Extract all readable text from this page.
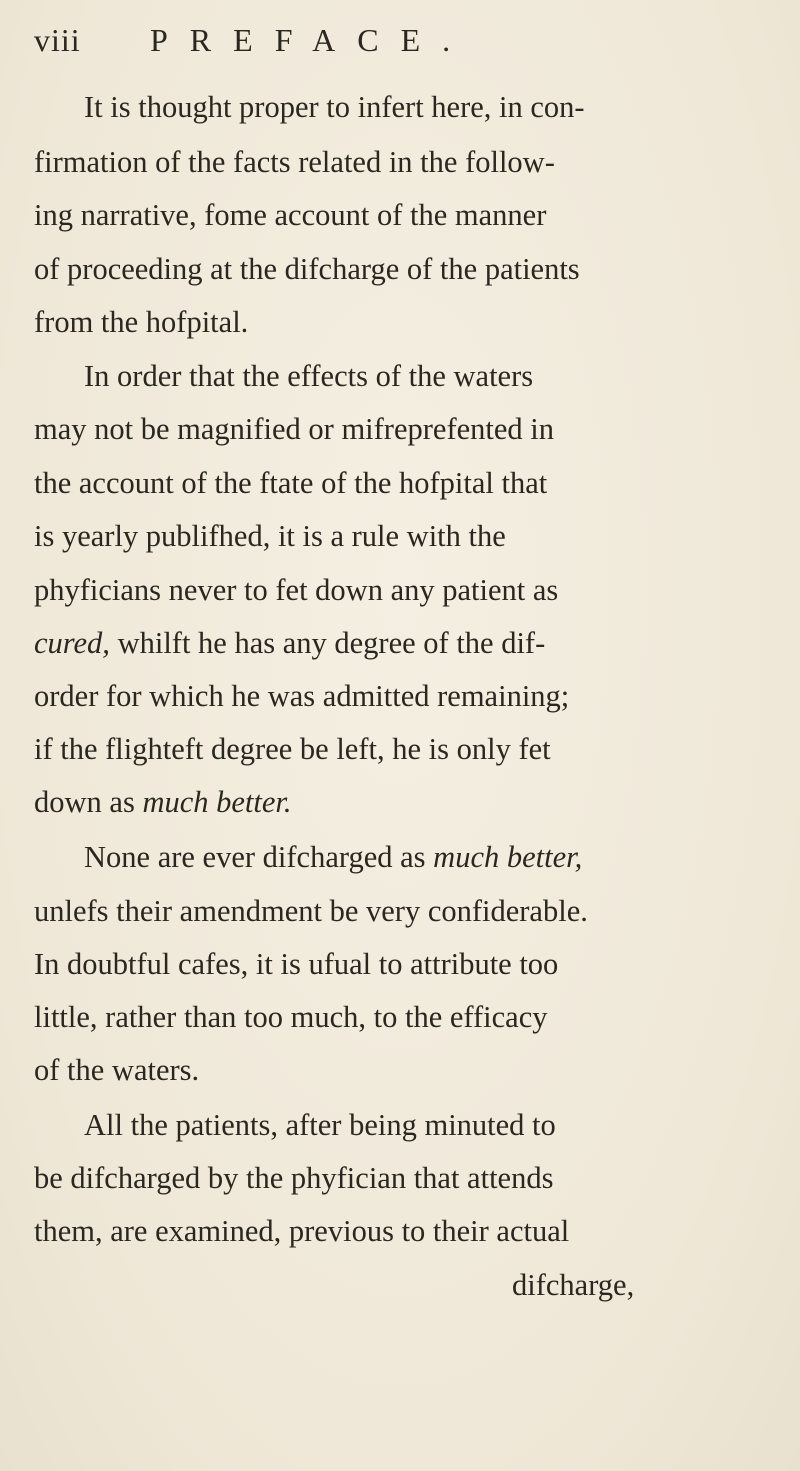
viii PREFACE.
It is thought proper to infert here, in con-
firmation of the facts related in the follow-
ing narrative, fome account of the manner
of proceeding at the difcharge of the patients
from the hofpital.
In order that the effects of the waters
may not be magnified or mifreprefented in
the account of the ftate of the hofpital that
is yearly publifhed, it is a rule with the
phyficians never to fet down any patient as
cured, whilft he has any degree of the dif-
order for which he was admitted remaining;
if the flighteft degree be left, he is only fet
down as much better.
None are ever difcharged as much better,
unlefs their amendment be very confiderable.
In doubtful cafes, it is ufual to attribute too
little, rather than too much, to the efficacy
of the waters.
All the patients, after being minuted to
be difcharged by the phyfician that attends
them, are examined, previous to their actual
difcharge,
